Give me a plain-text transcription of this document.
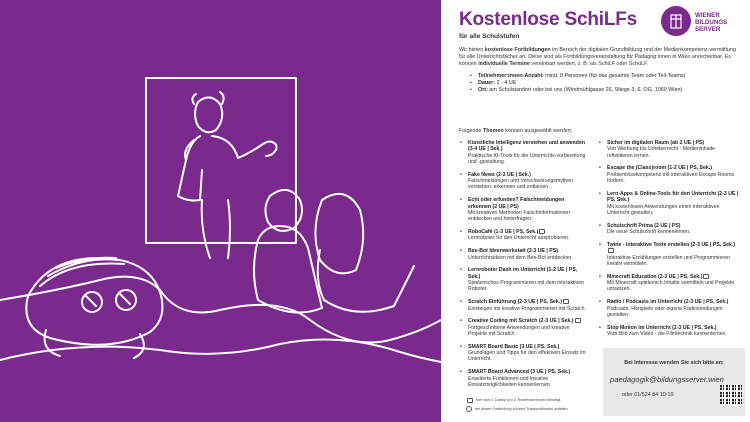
Kostenlose SchiLFs
für alle Schulstufen
WIENER
BILDUNGS
SERVER

Wir bieten kostenlose Fortbildungen im Bereich der digitalen Grundbildung und der Medienkompetenz-vermittlung für alle Unterrichtsfächer an. Diese sind als Fortbildungsveranstaltung für Pädagog:innen in Wien anrechenbar. Es können individuelle Termine vereinbart werden, z. B. als SchiLF oder SchüLF.

• Teilnehmer:innen-Anzahl: mind. 8 Personen (für das gesamte Team oder Teil-Teams)
• Dauer: 2 - 4 UE
• Ort: am Schulstandort oder bei uns (Windmühlgasse 26, Stiege 3, 6. OG, 1060 Wien)
Folgende Themen können ausgewählt werden:
• Künstliche Intelligenz verstehen und anwenden (3-4 UE | Sek.)
Praktische KI-Tools für die Unterrichts-vorbereitung und -gestaltung.
• Fake News (2-3 UE | Sek.)
Falschmeldungen und Verschwörungsmythen verstehen, erkennen und entlarven.
• Echt oder erfunden? Falschmeldungen erkennen (2 UE | PS)
Mit kreativen Methoden Falschinformationen entdecken und hinterfragen.
• RoboCafé (1-3 UE | PS, Sek.)
Lernroboter für den Unterricht ausprobieren.
• Bee-Bot Ideenwerkstatt (2-3 UE | PS)
Unterrichtsideen mit dem Bee-Bot entdecken.
• Lernroboter Dash im Unterricht (1-2 UE | PS, Sek.)
Spielerisches Programmieren mit dem interaktiven Roboter.
• Scratch Einführung (2-3 UE | PS, Sek.)
Einsteigen ins kreative Programmieren mit Scratch.
• Creative Coding mit Scratch (2-3 UE | Sek.)
Fortgeschrittene Anwendungen und kreative Projekte mit Scratch.
• SMART Board Basic (3 UE | PS, Sek.)
Grundlagen und Tipps für den effektiven Einsatz im Unterricht.
• SMART Board Advanced (3 UE | PS, Sek.)
Erweiterte Funktionen und kreative Einsatzmöglichkeiten kennenlernen.
• Sicher im digitalen Raum (ab 2 UE | PS)
Von Werbung bis Urheberrecht - Medieninhalte reflektieren lernen.
• Escape the (Class)room (1-2 UE | PS, Sek.)
Problemlösekompetenz mit interaktiven Escape Rooms fördern.
• Lern-Apps & Online-Tools für den Unterricht (2-3 UE | PS, Sek.)
Mit kostenlosen Anwendungen einen interaktiven Unterricht gestalten.
• Schulschrift Prima (2 UE | PS)
Die neue Schulschrift kennenlernen.
• Twine - interaktive Texte erstellen (2-3 UE | PS, Sek.)
Interaktive Erzählungen erstellen und Programmieren kreativ vermitteln.
• Minecraft Education (2-3 UE | PS, Sek.)
Mit Minecraft spielerisch Inhalte vermitteln und Projekte umsetzen.
• Radio / Podcasts im Unterricht (2-3 UE | PS, Sek.)
Podcasts, Hörspiele oder eigene Radiosendungen gestalten.
• Stop Motion im Unterricht (2-3 UE | PS, Sek.)
Vom Bild zum Video - die Filmtechnik kennenlernen.
hier wird 1 Laptop pro 2 Teilnehmer:innen benötigt
bei dieser Fortbildung können Transportkosten anfallen
Bei Interesse wenden Sie sich bitte an:
paedagogik@bildungsserver.wien
oder 01/524 84 10-10
